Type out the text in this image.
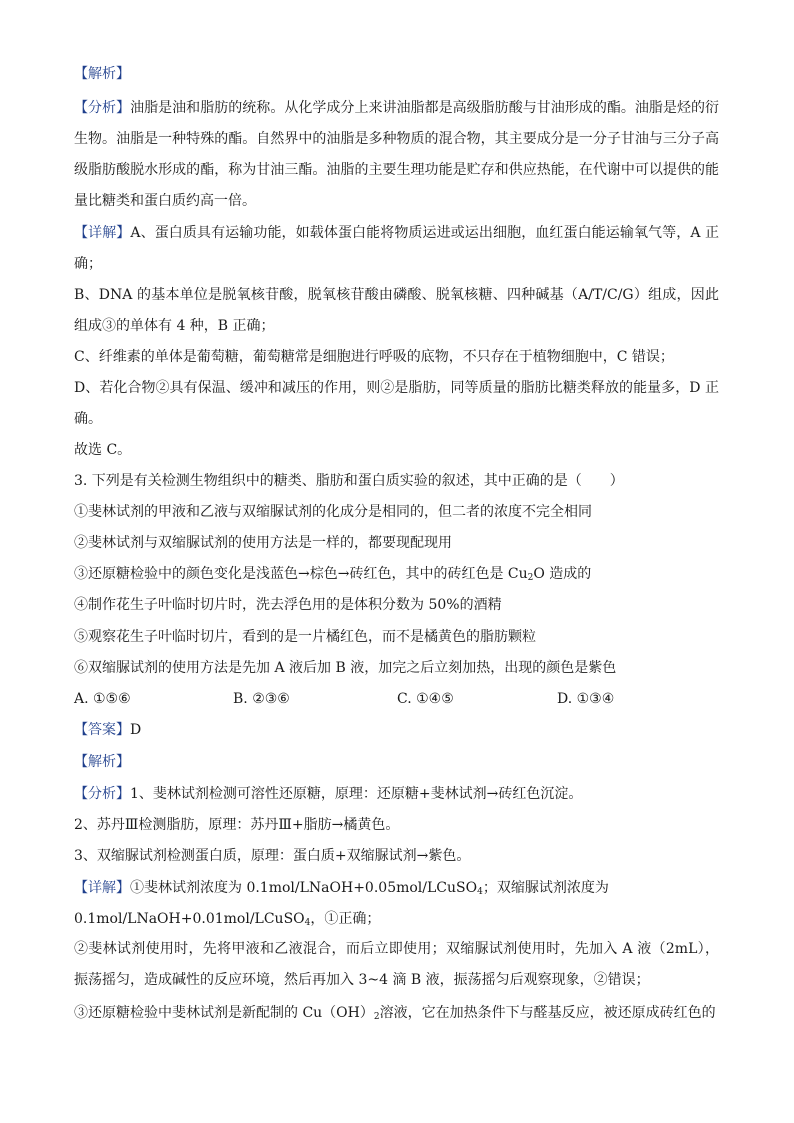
【解析】
【分析】油脂是油和脂肪的统称。从化学成分上来讲油脂都是高级脂肪酸与甘油形成的酯。油脂是烃的衍生物。油脂是一种特殊的酯。自然界中的油脂是多种物质的混合物，其主要成分是一分子甘油与三分子高级脂肪酸脱水形成的酯，称为甘油三酯。油脂的主要生理功能是贮存和供应热能，在代谢中可以提供的能量比糖类和蛋白质约高一倍。
【详解】A、蛋白质具有运输功能，如载体蛋白能将物质运进或运出细胞，血红蛋白能运输氧气等，A 正确；
B、DNA 的基本单位是脱氧核苷酸，脱氧核苷酸由磷酸、脱氧核糖、四种碱基（A/T/C/G）组成，因此组成③的单体有 4 种，B 正确；
C、纤维素的单体是葡萄糖，葡萄糖常是细胞进行呼吸的底物，不只存在于植物细胞中，C 错误；
D、若化合物②具有保温、缓冲和减压的作用，则②是脂肪，同等质量的脂肪比糖类释放的能量多，D 正确。
故选 C。
3. 下列是有关检测生物组织中的糖类、脂肪和蛋白质实验的叙述，其中正确的是（　　）
①斐林试剂的甲液和乙液与双缩脲试剂的化成分是相同的，但二者的浓度不完全相同
②斐林试剂与双缩脲试剂的使用方法是一样的，都要现配现用
③还原糖检验中的颜色变化是浅蓝色→棕色→砖红色，其中的砖红色是 $Cu_2O$ 造成的
④制作花生子叶临时切片时，洗去浮色用的是体积分数为 50%的酒精
⑤观察花生子叶临时切片，看到的是一片橘红色，而不是橘黄色的脂肪颗粒
⑥双缩脲试剂的使用方法是先加 A 液后加 B 液，加完之后立刻加热，出现的颜色是紫色
A. ①⑤⑥	B. ②③⑥	C. ①④⑤	D. ①③④
【答案】D
【解析】
【分析】1、斐林试剂检测可溶性还原糖，原理：还原糖+斐林试剂→砖红色沉淀。
2、苏丹Ⅲ检测脂肪，原理：苏丹Ⅲ+脂肪→橘黄色。
3、双缩脲试剂检测蛋白质，原理：蛋白质+双缩脲试剂→紫色。
【详解】①斐林试剂浓度为 0.1mol/LNaOH+0.05mol/LCuSO$_4$；双缩脲试剂浓度为
0.1mol/LNaOH+0.01mol/LCuSO$_4$，①正确；
②斐林试剂使用时，先将甲液和乙液混合，而后立即使用；双缩脲试剂使用时，先加入 A 液（2mL），振荡摇匀，造成碱性的反应环境，然后再加入 3~4 滴 B 液，振荡摇匀后观察现象，②错误；
③还原糖检验中斐林试剂是新配制的 $Cu(OH)_2$溶液，它在加热条件下与醛基反应，被还原成砖红色的
